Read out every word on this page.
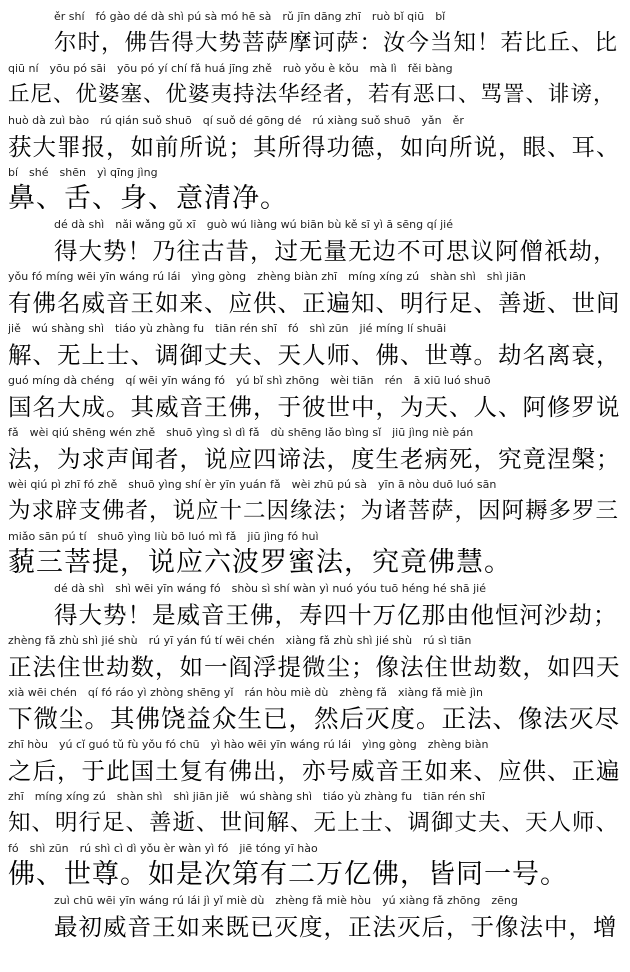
ěr shí　fó gào dé dà shì pú sà mó hē sà　rǔ jīn dāng zhī　ruò bǐ qiū　bǐ
尔时，佛告得大势菩萨摩诃萨：汝今当知！若比丘、比
qiū ní　yōu pó sāi　yōu pó yí chí fǎ huá jīng zhě　ruò yǒu è kǒu　mà lì　fěi bàng
丘尼、优婆塞、优婆夷持法华经者，若有恶口、骂詈、诽谤，
huò dà zuì bào　rú qián suǒ shuō　qí suǒ dé gōng dé　rú xiàng suǒ shuō　yǎn　ěr
获大罪报，如前所说；其所得功德，如向所说，眼、耳、
bí　shé　shēn　yì qīng jìng
鼻、舌、身、意清净。
dé dà shì　nǎi wǎng gǔ xī　guò wú liàng wú biān bù kě sī yì ā sēng qí jié
得大势！乃往古昔，过无量无边不可思议阿僧祇劫，
yǒu fó míng wēi yīn wáng rú lái　yìng gòng　zhèng biàn zhī　míng xíng zú　shàn shì　shì jiān
有佛名威音王如来、应供、正遍知、明行足、善逝、世间
jiě　wú shàng shì　tiáo yù zhàng fu　tiān rén shī　fó　shì zūn　jié míng lí shuāi
解、无上士、调御丈夫、天人师、佛、世尊。劫名离衰，
guó míng dà chéng　qí wēi yīn wáng fó　yú bǐ shì zhōng　wèi tiān　rén　ā xiū luó shuō
国名大成。其威音王佛，于彼世中，为天、人、阿修罗说
fǎ　wèi qiú shēng wén zhě　shuō yìng sì dì fǎ　dù shēng lǎo bìng sǐ　jiū jìng niè pán
法，为求声闻者，说应四谛法，度生老病死，究竟涅槃；
wèi qiú pì zhī fó zhě　shuō yìng shí èr yīn yuán fǎ　wèi zhū pú sà　yīn ā nòu duō luó sān
为求辟支佛者，说应十二因缘法；为诸菩萨，因阿耨多罗三
miǎo sān pú tí　shuō yìng liù bō luó mì fǎ　jiū jìng fó huì
藐三菩提，说应六波罗蜜法，究竟佛慧。
dé dà shì　shì wēi yīn wáng fó　shòu sì shí wàn yì nuó yóu tuō héng hé shā jié
得大势！是威音王佛，寿四十万亿那由他恒河沙劫；
zhèng fǎ zhù shì jié shù　rú yī yán fú tí wēi chén　xiàng fǎ zhù shì jié shù　rú sì tiān
正法住世劫数，如一阎浮提微尘；像法住世劫数，如四天
xià wēi chén　qí fó ráo yì zhòng shēng yǐ　rán hòu miè dù　zhèng fǎ　xiàng fǎ miè jìn
下微尘。其佛饶益众生已，然后灭度。正法、像法灭尽
zhī hòu　yú cǐ guó tǔ fù yǒu fó chū　yì hào wēi yīn wáng rú lái　yìng gòng　zhèng biàn
之后，于此国土复有佛出，亦号威音王如来、应供、正遍
zhī　míng xíng zú　shàn shì　shì jiān jiě　wú shàng shì　tiáo yù zhàng fu　tiān rén shī
知、明行足、善逝、世间解、无上士、调御丈夫、天人师、
fó　shì zūn　rú shì cì dì yǒu èr wàn yì fó　jiē tóng yī hào
佛、世尊。如是次第有二万亿佛，皆同一号。
zuì chū wēi yīn wáng rú lái jì yǐ miè dù　zhèng fǎ miè hòu　yú xiàng fǎ zhōng　zēng
最初威音王如来既已灭度，正法灭后，于像法中，增
